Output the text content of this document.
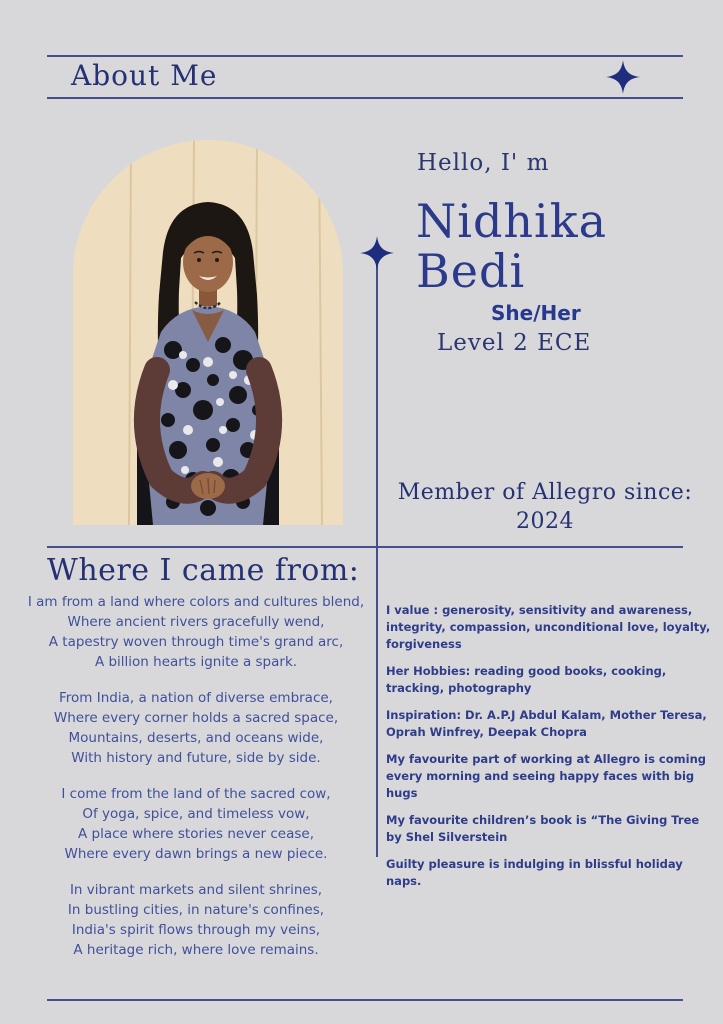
About Me
Hello, I' m
Nidhika
Bedi
She/Her
Level 2 ECE
Member of Allegro since:
2024
Where I came from:
I am from a land where colors and cultures blend,
Where ancient rivers gracefully wend,
A tapestry woven through time's grand arc,
A billion hearts ignite a spark.
From India, a nation of diverse embrace,
Where every corner holds a sacred space,
Mountains, deserts, and oceans wide,
With history and future, side by side.
I come from the land of the sacred cow,
Of yoga, spice, and timeless vow,
A place where stories never cease,
Where every dawn brings a new piece.
In vibrant markets and silent shrines,
In bustling cities, in nature's confines,
India's spirit flows through my veins,
A heritage rich, where love remains.

I value : generosity, sensitivity and awareness, integrity, compassion, unconditional love, loyalty, forgiveness

Her Hobbies: reading good books, cooking, tracking, photography

Inspiration: Dr. A.P.J Abdul Kalam, Mother Teresa, Oprah Winfrey, Deepak Chopra

My favourite part of working at Allegro is coming every morning and seeing happy faces with big hugs

My favourite children’s book is “The Giving Tree by Shel Silverstein

Guilty pleasure is indulging in blissful holiday naps.
